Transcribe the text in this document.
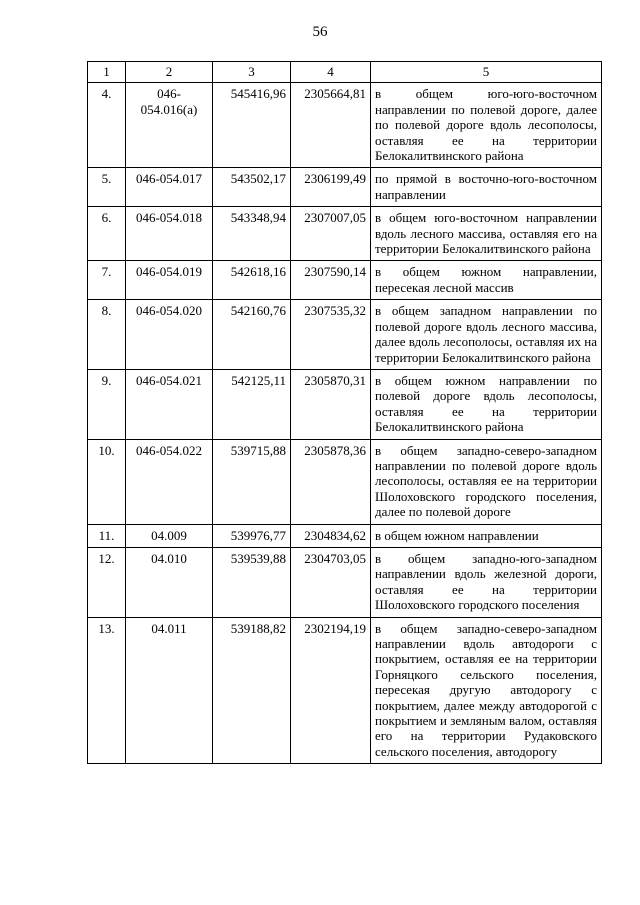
56
1	2	3	4	5
4.	046-054.016(а)	545416,96	2305664,81	в общем юго-юго-восточном направлении по полевой дороге, далее по полевой дороге вдоль лесополосы, оставляя ее на территории Белокалитвинского района
5.	046-054.017	543502,17	2306199,49	по прямой в восточно-юго-восточном направлении
6.	046-054.018	543348,94	2307007,05	в общем юго-восточном направлении вдоль лесного массива, оставляя его на территории Белокалитвинского района
7.	046-054.019	542618,16	2307590,14	в общем южном направлении, пересекая лесной массив
8.	046-054.020	542160,76	2307535,32	в общем западном направлении по полевой дороге вдоль лесного массива, далее вдоль лесополосы, оставляя их на территории Белокалитвинского района
9.	046-054.021	542125,11	2305870,31	в общем южном направлении по полевой дороге вдоль лесополосы, оставляя ее на территории Белокалитвинского района
10.	046-054.022	539715,88	2305878,36	в общем западно-северо-западном направлении по полевой дороге вдоль лесополосы, оставляя ее на территории Шолоховского городского поселения, далее по полевой дороге
11.	04.009	539976,77	2304834,62	в общем южном направлении
12.	04.010	539539,88	2304703,05	в общем западно-юго-западном направлении вдоль железной дороги, оставляя ее на территории Шолоховского городского поселения
13.	04.011	539188,82	2302194,19	в общем западно-северо-западном направлении вдоль автодороги с покрытием, оставляя ее на территории Горняцкого сельского поселения, пересекая другую автодорогу с покрытием, далее между автодорогой с покрытием и земляным валом, оставляя его на территории Рудаковского сельского поселения, автодорогу
